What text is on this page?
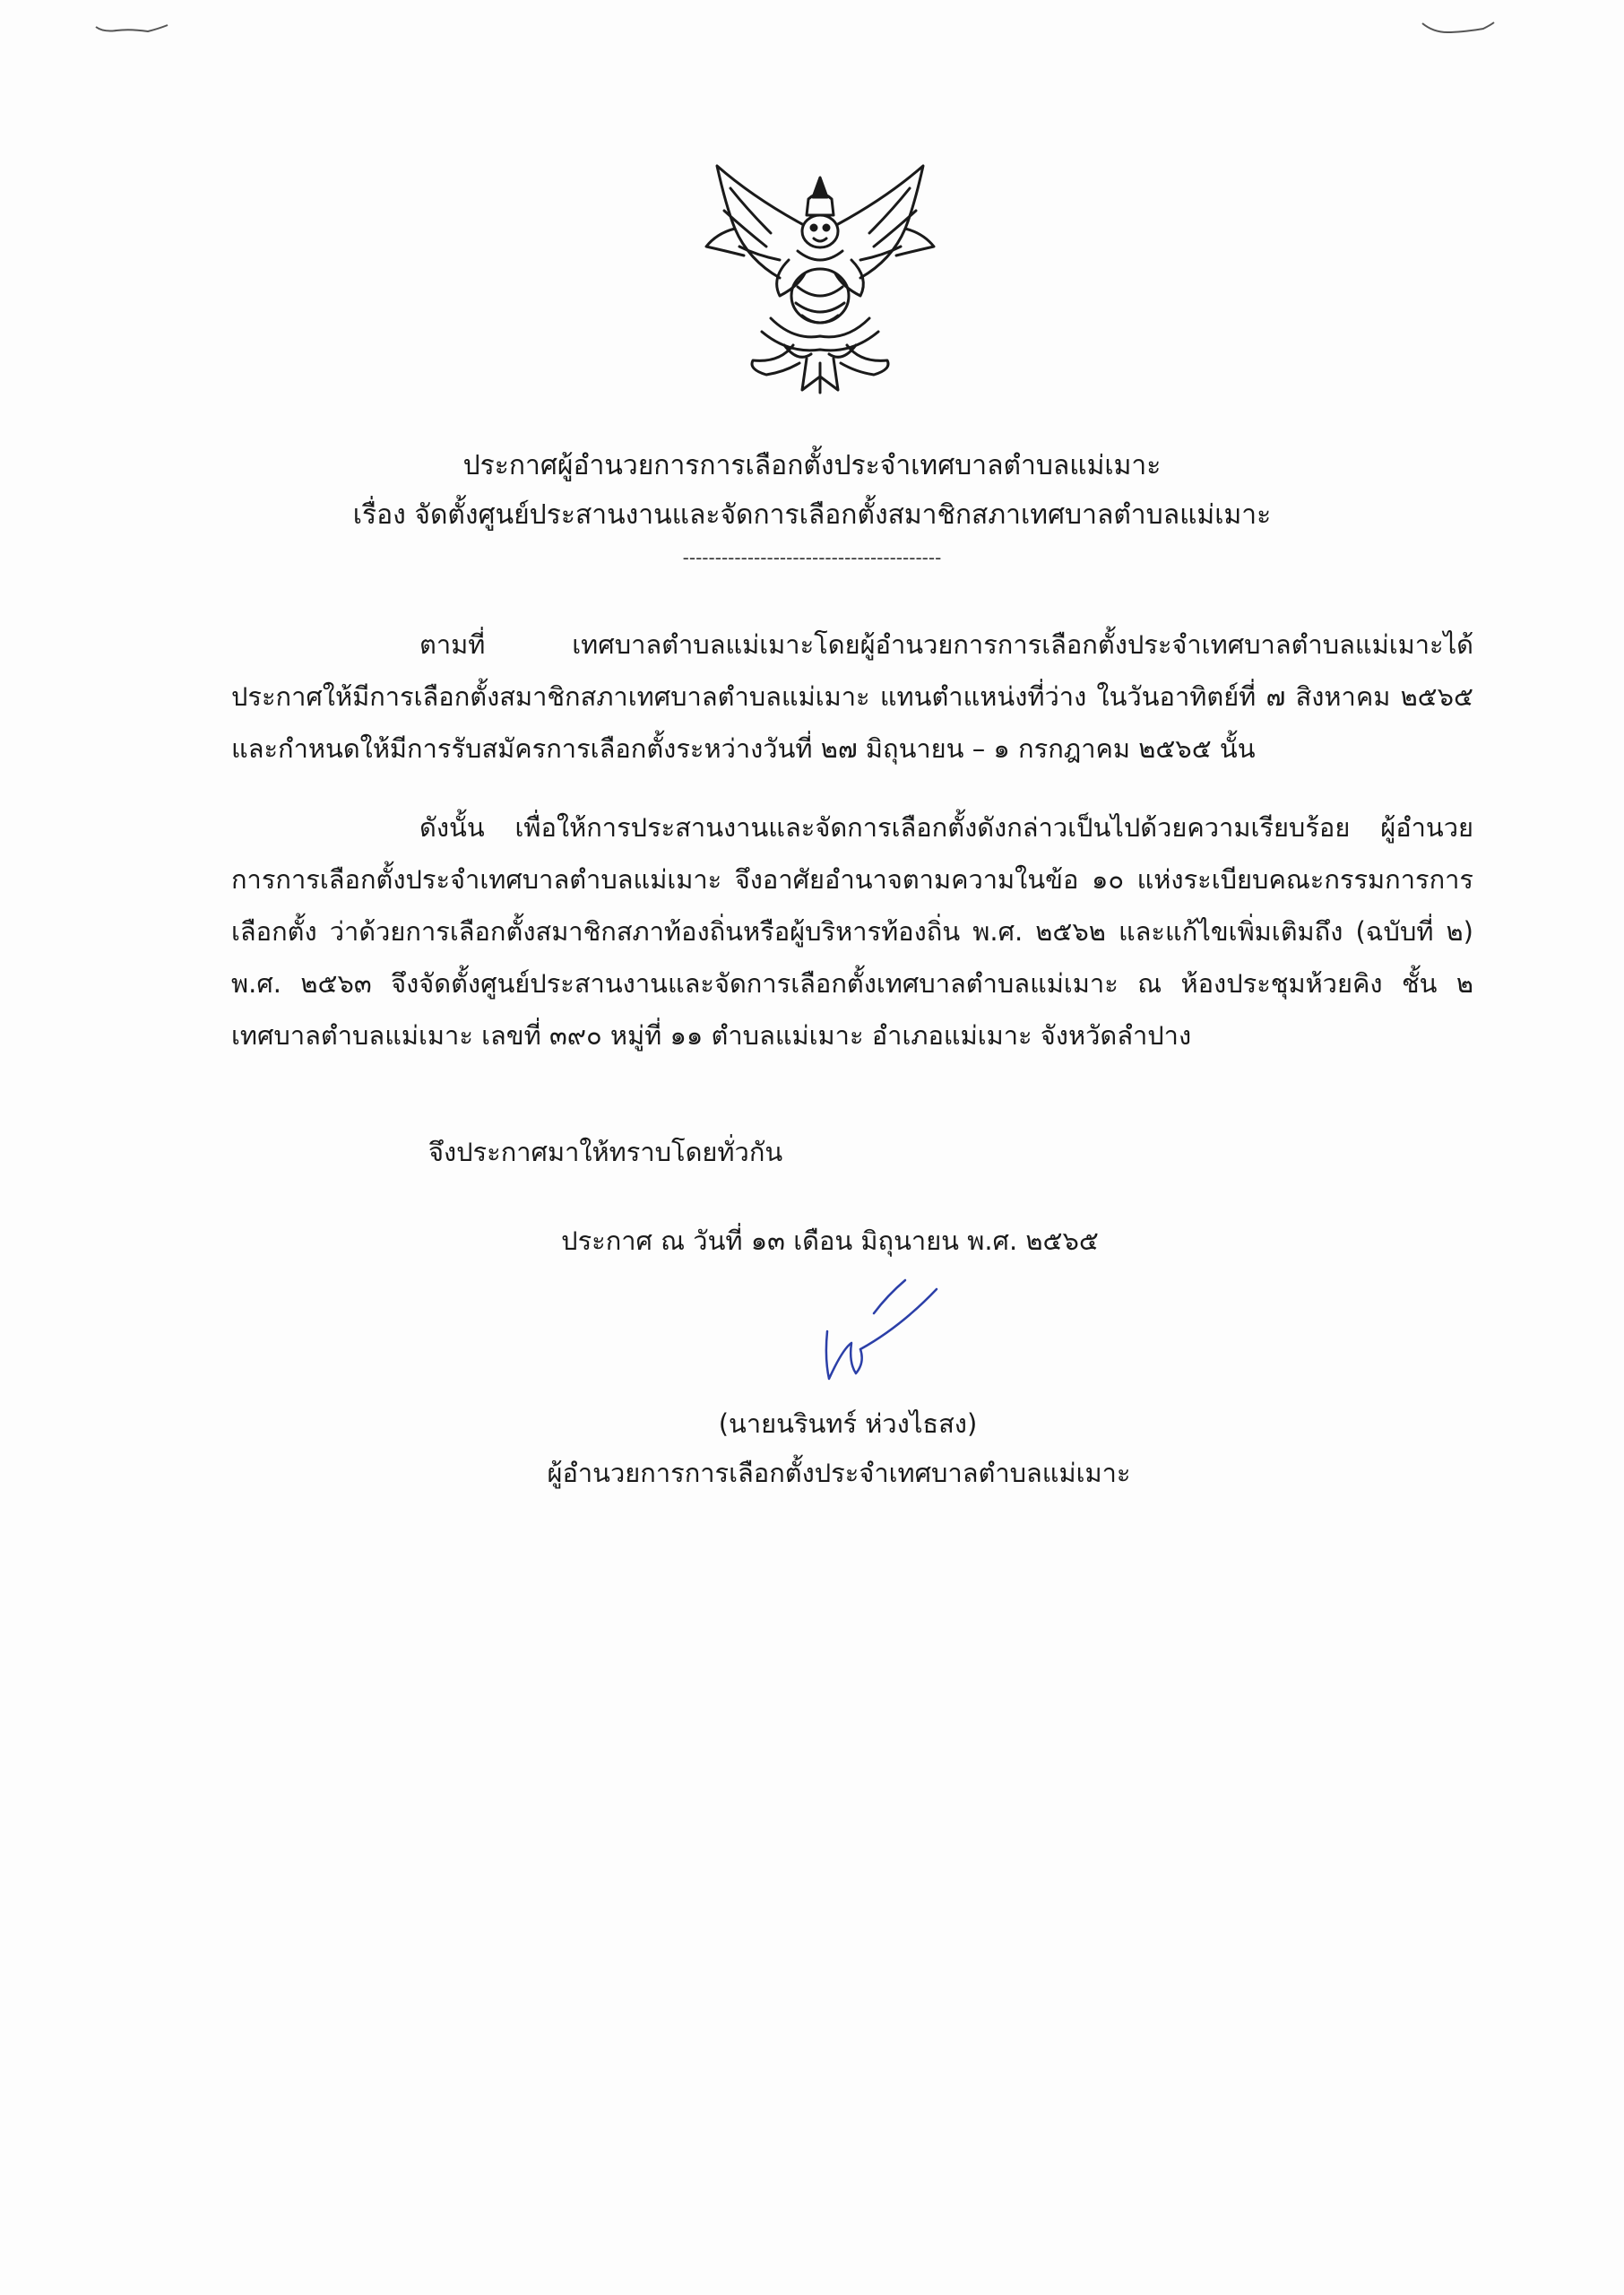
ประกาศผู้อำนวยการการเลือกตั้งประจำเทศบาลตำบลแม่เมาะ
เรื่อง จัดตั้งศูนย์ประสานงานและจัดการเลือกตั้งสมาชิกสภาเทศบาลตำบลแม่เมาะ
----------------------------------------
ตามที่ เทศบาลตำบลแม่เมาะโดยผู้อำนวยการการเลือกตั้งประจำเทศบาลตำบลแม่เมาะได้ประกาศให้มีการเลือกตั้งสมาชิกสภาเทศบาลตำบลแม่เมาะ แทนตำแหน่งที่ว่าง ในวันอาทิตย์ที่ ๗ สิงหาคม ๒๕๖๕ และกำหนดให้มีการรับสมัครการเลือกตั้งระหว่างวันที่ ๒๗ มิถุนายน – ๑ กรกฎาคม ๒๕๖๕ นั้น
ดังนั้น เพื่อให้การประสานงานและจัดการเลือกตั้งดังกล่าวเป็นไปด้วยความเรียบร้อย ผู้อำนวยการการเลือกตั้งประจำเทศบาลตำบลแม่เมาะ จึงอาศัยอำนาจตามความในข้อ ๑๐ แห่งระเบียบคณะกรรมการการเลือกตั้ง ว่าด้วยการเลือกตั้งสมาชิกสภาท้องถิ่นหรือผู้บริหารท้องถิ่น พ.ศ. ๒๕๖๒ และแก้ไขเพิ่มเติมถึง (ฉบับที่ ๒) พ.ศ. ๒๕๖๓ จึงจัดตั้งศูนย์ประสานงานและจัดการเลือกตั้งเทศบาลตำบลแม่เมาะ ณ ห้องประชุมห้วยคิง ชั้น ๒ เทศบาลตำบลแม่เมาะ เลขที่ ๓๙๐ หมู่ที่ ๑๑ ตำบลแม่เมาะ อำเภอแม่เมาะ จังหวัดลำปาง
จึงประกาศมาให้ทราบโดยทั่วกัน
ประกาศ ณ วันที่ ๑๓ เดือน มิถุนายน พ.ศ. ๒๕๖๕
(นายนรินทร์ ห่วงไธสง)
ผู้อำนวยการการเลือกตั้งประจำเทศบาลตำบลแม่เมาะ
